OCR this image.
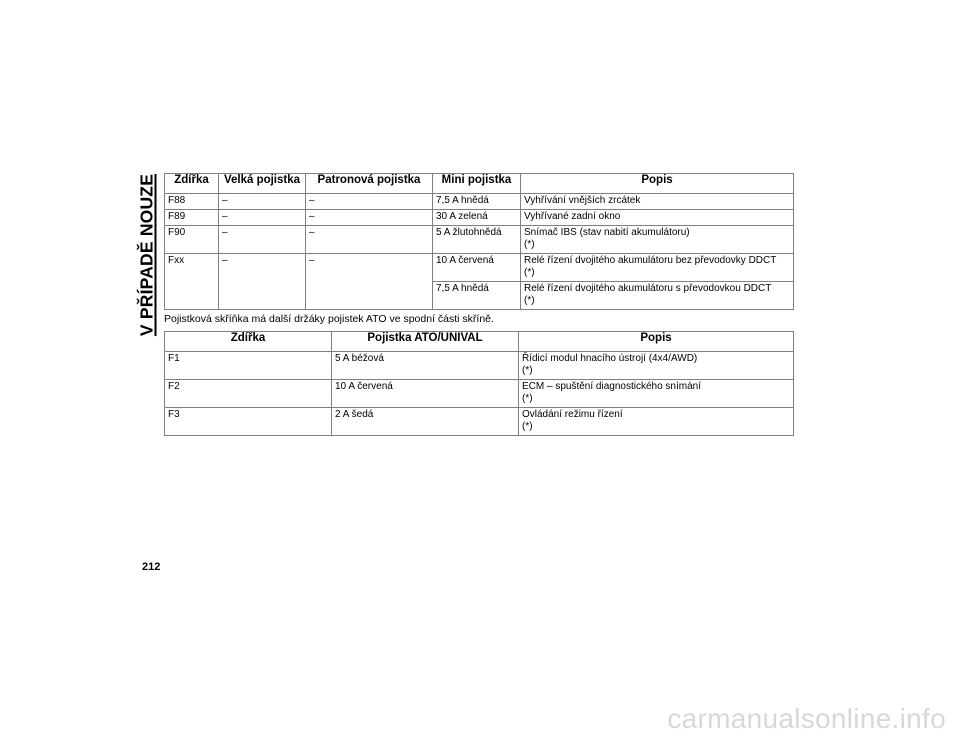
V PŘÍPADĚ NOUZE Zdířka	Velká pojistka	Patronová pojistka	Mini pojistka	Popis
F88	–	–	7,5 A hnědá	Vyhřívání vnějších zrcátek

F89	–	–	30 A zelená	Vyhřívané zadní okno

F90	–	–	5 A žlutohnědá	Snímač IBS (stav nabití akumulátoru)
(*)

Fxx	–	–	10 A červená	Relé řízení dvojitého akumulátoru bez převodovky DDCT
(*)

			7,5 A hnědá	Relé řízení dvojitého akumulátoru s převodovkou DDCT
(*)
Pojistková skříňka má další držáky pojistek ATO ve spodní části skříně.
Zdířka	Pojistka ATO/UNIVAL	Popis
F1	5 A béžová	Řídicí modul hnacího ústrojí (4x4/AWD)
(*)

F2	10 A červená	ECM – spuštění diagnostického snímání
(*)

F3	2 A šedá	Ovládání režimu řízení
(*)
212
carmanualsonline.info
